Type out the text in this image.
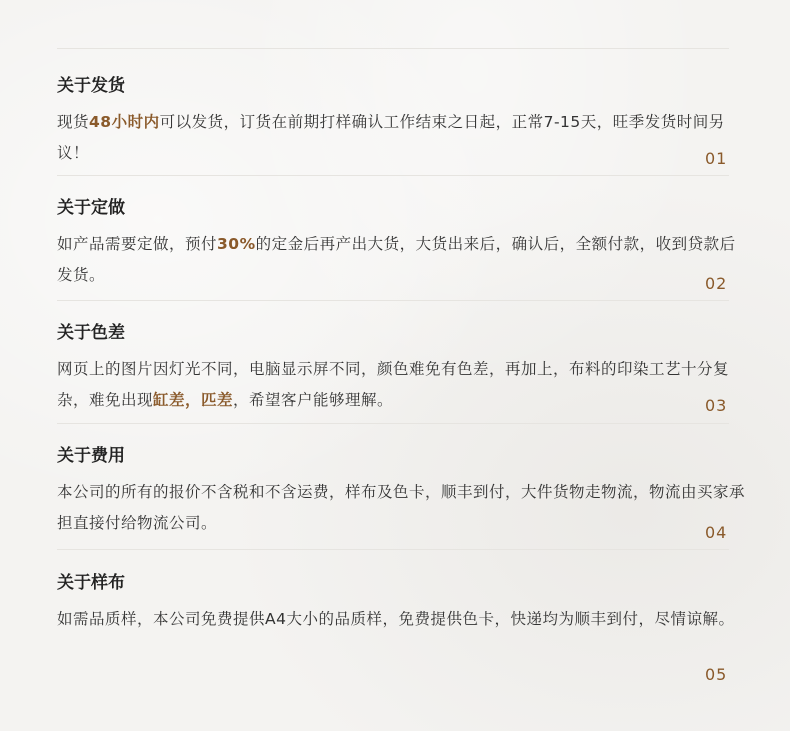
关于发货
现货48小时内可以发货，订货在前期打样确认工作结束之日起，正常7-15天，旺季发货时间另议！	01
关于定做
如产品需要定做，预付30%的定金后再产出大货，大货出来后，确认后，全额付款，收到贷款后发货。	02
关于色差
网页上的图片因灯光不同，电脑显示屏不同，颜色难免有色差，再加上，布料的印染工艺十分复杂，难免出现缸差，匹差，希望客户能够理解。	03
关于费用
本公司的所有的报价不含税和不含运费，样布及色卡，顺丰到付，大件货物走物流，物流由买家承担直接付给物流公司。	04
关于样布
如需品质样，本公司免费提供A4大小的品质样，免费提供色卡，快递均为顺丰到付，尽情谅解。
05
